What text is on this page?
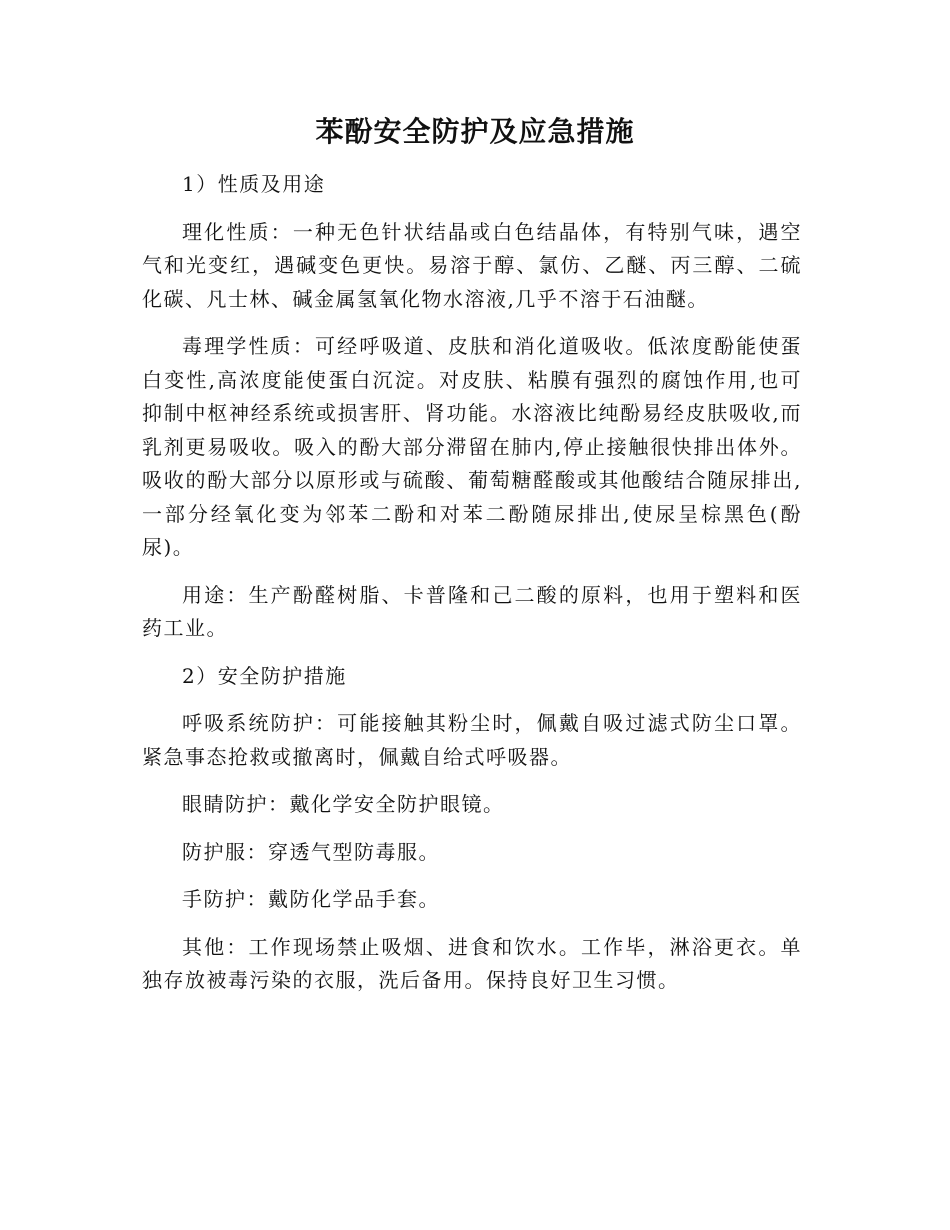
苯酚安全防护及应急措施

1）性质及用途

理化性质：一种无色针状结晶或白色结晶体，有特别气味，遇空气和光变红，遇碱变色更快。易溶于醇、氯仿、乙醚、丙三醇、二硫化碳、凡士林、碱金属氢氧化物水溶液,几乎不溶于石油醚。

毒理学性质：可经呼吸道、皮肤和消化道吸收。低浓度酚能使蛋白变性,高浓度能使蛋白沉淀。对皮肤、粘膜有强烈的腐蚀作用,也可抑制中枢神经系统或损害肝、肾功能。水溶液比纯酚易经皮肤吸收,而乳剂更易吸收。吸入的酚大部分滞留在肺内,停止接触很快排出体外。吸收的酚大部分以原形或与硫酸、葡萄糖醛酸或其他酸结合随尿排出,一部分经氧化变为邻苯二酚和对苯二酚随尿排出,使尿呈棕黑色(酚尿)。

用途：生产酚醛树脂、卡普隆和己二酸的原料，也用于塑料和医药工业。

2）安全防护措施

呼吸系统防护：可能接触其粉尘时，佩戴自吸过滤式防尘口罩。紧急事态抢救或撤离时，佩戴自给式呼吸器。

眼睛防护：戴化学安全防护眼镜。

防护服：穿透气型防毒服。

手防护：戴防化学品手套。

其他：工作现场禁止吸烟、进食和饮水。工作毕，淋浴更衣。单独存放被毒污染的衣服，洗后备用。保持良好卫生习惯。
